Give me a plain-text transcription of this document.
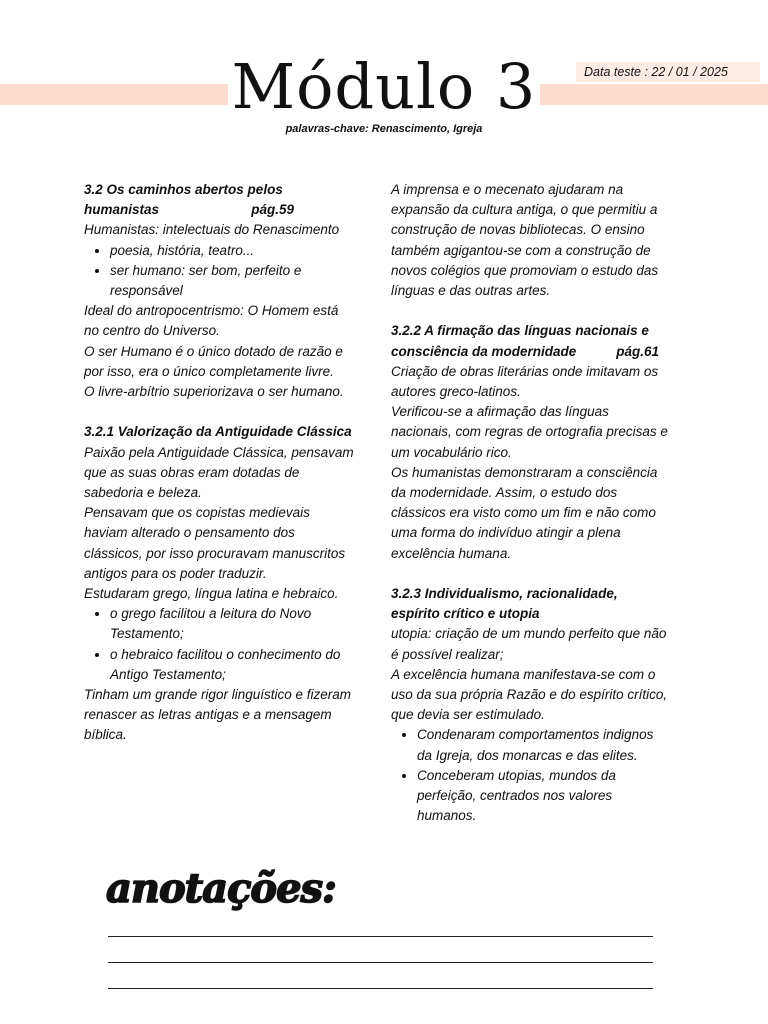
Módulo 3	Data teste : 22 / 01 / 2025
palavras-chave: Renascimento, Igreja
3.2 Os caminhos abertos pelos
humanistas	pág.59

Humanistas: intelectuais do Renascimento

• poesia, história, teatro...
• ser humano: ser bom, perfeito e responsável

Ideal do antropocentrismo: O Homem está no centro do Universo.

O ser Humano é o único dotado de razão e por isso, era o único completamente livre.

O livre-arbítrio superiorizava o ser humano.

3.2.1 Valorização da Antiguidade Clássica

Paixão pela Antiguidade Clássica, pensavam que as suas obras eram dotadas de sabedoria e beleza.

Pensavam que os copistas medievais haviam alterado o pensamento dos clássicos, por isso procuravam manuscritos antigos para os poder traduzir.

Estudaram grego, língua latina e hebraico.

• o grego facilitou a leitura do Novo Testamento;
• o hebraico facilitou o conhecimento do Antigo Testamento;

Tinham um grande rigor linguístico e fizeram renascer as letras antigas e a mensagem bíblica.

A imprensa e o mecenato ajudaram na expansão da cultura antiga, o que permitiu a construção de novas bibliotecas. O ensino também agigantou-se com a construção de novos colégios que promoviam o estudo das línguas e das outras artes.

3.2.2 A firmação das línguas nacionais e
consciência da modernidade	pág.61

Criação de obras literárias onde imitavam os autores greco-latinos.

Verificou-se a afirmação das línguas nacionais, com regras de ortografia precisas e um vocabulário rico.

Os humanistas demonstraram a consciência da modernidade. Assim, o estudo dos clássicos era visto como um fim e não como uma forma do indivíduo atingir a plena excelência humana.

3.2.3 Individualismo, racionalidade, espírito crítico e utopia

utopia: criação de um mundo perfeito que não é possível realizar;

A excelência humana manifestava-se com o uso da sua própria Razão e do espírito crítico, que devia ser estimulado.

• Condenaram comportamentos indignos da Igreja, dos monarcas e das elites.
• Conceberam utopias, mundos da perfeição, centrados nos valores humanos.
anotações:
